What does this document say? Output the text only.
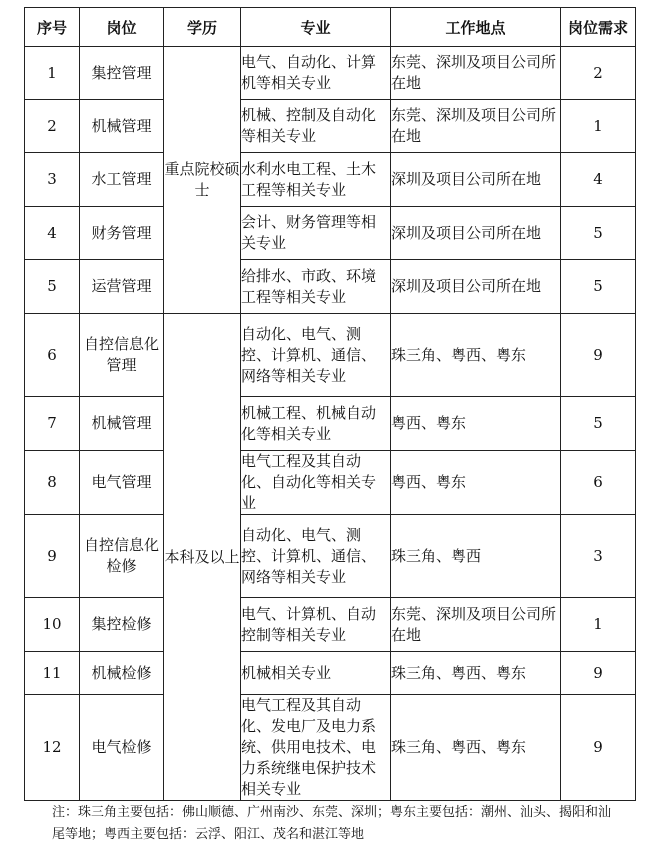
序号	岗位	学历	专业	工作地点	岗位需求
1	集控管理	重点院校硕士	电气、自动化、计算机等相关专业	东莞、深圳及项目公司所在地	2
2	机械管理		机械、控制及自动化等相关专业	东莞、深圳及项目公司所在地	1
3	水工管理		水利水电工程、土木工程等相关专业	深圳及项目公司所在地	4
4	财务管理		会计、财务管理等相关专业	深圳及项目公司所在地	5
5	运营管理		给排水、市政、环境工程等相关专业	深圳及项目公司所在地	5
6	自控信息化管理	本科及以上	自动化、电气、测控、计算机、通信、网络等相关专业	珠三角、粤西、粤东	9
7	机械管理		机械工程、机械自动化等相关专业	粤西、粤东	5
8	电气管理		电气工程及其自动化、自动化等相关专业	粤西、粤东	6
9	自控信息化检修		自动化、电气、测控、计算机、通信、网络等相关专业	珠三角、粤西	3
10	集控检修		电气、计算机、自动控制等相关专业	东莞、深圳及项目公司所在地	1
11	机械检修		机械相关专业	珠三角、粤西、粤东	9
12	电气检修		电气工程及其自动化、发电厂及电力系统、供用电技术、电力系统继电保护技术相关专业	珠三角、粤西、粤东	9
注：珠三角主要包括：佛山顺德、广州南沙、东莞、深圳；粤东主要包括：潮州、汕头、揭阳和汕尾等地；粤西主要包括：云浮、阳江、茂名和湛江等地
